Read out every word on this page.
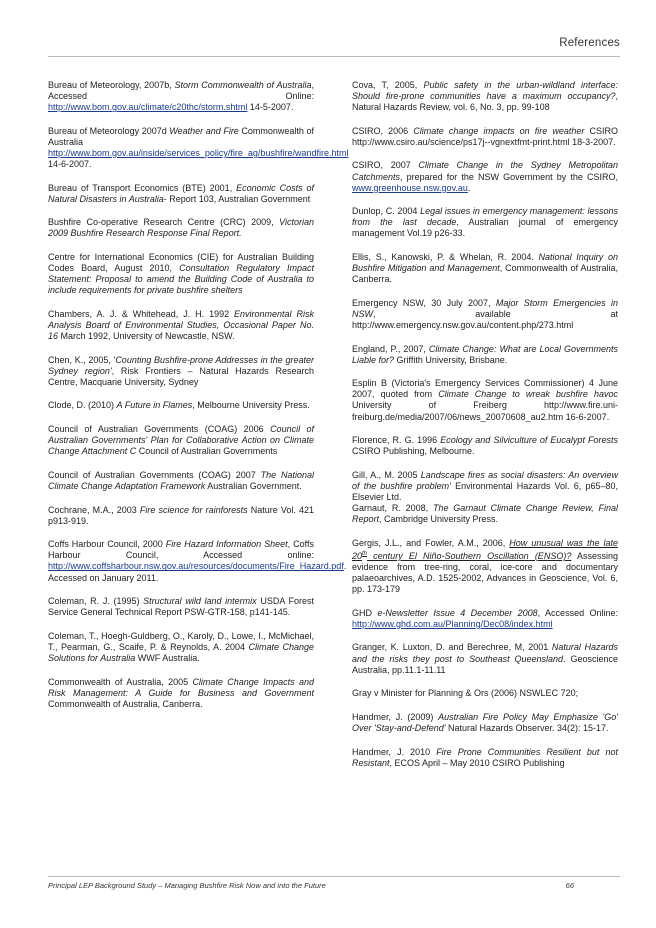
References

Bureau of Meteorology, 2007b, Storm Commonwealth of Australia, Accessed Online: http://www.bom.gov.au/climate/c20thc/storm.shtml 14-5-2007.

Bureau of Meteorology 2007d Weather and Fire Commonwealth of Australia http://www.bom.gov.au/inside/services_policy/fire_ag/bushfire/wandfire.html 14-6-2007.

Bureau of Transport Economics (BTE) 2001, Economic Costs of Natural Disasters in Australia- Report 103, Australian Government

Bushfire Co-operative Research Centre (CRC) 2009, Victorian 2009 Bushfire Research Response Final Report.

Centre for International Economics (CIE) for Australian Building Codes Board, August 2010, Consultation Regulatory Impact Statement: Proposal to amend the Building Code of Australia to include requirements for private bushfire shelters

Chambers, A. J. & Whitehead, J. H. 1992 Environmental Risk Analysis Board of Environmental Studies, Occasional Paper No. 16 March 1992, University of Newcastle, NSW.

Chen, K., 2005, 'Counting Bushfire-prone Addresses in the greater Sydney region', Risk Frontiers – Natural Hazards Research Centre, Macquarie University, Sydney

Clode, D. (2010) A Future in Flames, Melbourne University Press.

Council of Australian Governments (COAG) 2006 Council of Australian Governments' Plan for Collaborative Action on Climate Change Attachment C Council of Australian Governments

Council of Australian Governments (COAG) 2007 The National Climate Change Adaptation Framework Australian Government.

Cochrane, M.A., 2003 Fire science for rainforests Nature Vol. 421 p913-919.

Coffs Harbour Council, 2000 Fire Hazard Information Sheet, Coffs Harbour Council, Accessed online: http://www.coffsharbour.nsw.gov.au/resources/documents/Fire_Hazard.pdf. Accessed on January 2011.

Coleman, R. J. (1995) Structural wild land intermix USDA Forest Service General Technical Report PSW-GTR-158, p141-145.

Coleman, T., Hoegh-Guldberg, O., Karoly, D., Lowe, I., McMichael, T., Pearman, G., Scaife, P. & Reynolds, A. 2004 Climate Change Solutions for Australia WWF Australia.

Commonwealth of Australia, 2005 Climate Change Impacts and Risk Management: A Guide for Business and Government Commonwealth of Australia, Canberra.

Cova, T, 2005, Public safety in the urban-wildland interface: Should fire-prone communities have a maximum occupancy?, Natural Hazards Review, vol. 6, No. 3, pp. 99-108

CSIRO, 2006 Climate change impacts on fire weather CSIRO http://www.csiro.au/science/ps17j--vgnextfmt-print.html 18-3-2007.

CSIRO, 2007 Climate Change in the Sydney Metropolitan Catchments, prepared for the NSW Government by the CSIRO, www.greenhouse.nsw.gov.au.

Dunlop, C. 2004 Legal issues in emergency management: lessons from the last decade, Australian journal of emergency management Vol.19 p26-33.

Ellis, S., Kanowski, P. & Whelan, R. 2004. National Inquiry on Bushfire Mitigation and Management, Commonwealth of Australia, Canberra.

Emergency NSW, 30 July 2007, Major Storm Emergencies in NSW, available at http://www.emergency.nsw.gov.au/content.php/273.html

England, P., 2007, Climate Change: What are Local Governments Liable for? Griffith University, Brisbane.

Esplin B (Victoria's Emergency Services Commissioner) 4 June 2007, quoted from Climate Change to wreak bushfire havoc University of Freiberg http://www.fire.uni-freiburg.de/media/2007/06/news_20070608_au2.htm 16-6-2007.

Florence, R. G. 1996 Ecology and Silviculture of Eucalypt Forests CSIRO Publishing, Melbourne.

Gill, A., M. 2005 Landscape fires as social disasters: An overview of the bushfire problem' Environmental Hazards Vol. 6, p65–80, Elsevier Ltd.
Garnaut, R. 2008, The Garnaut Climate Change Review, Final Report, Cambridge University Press.

Gergis, J.L., and Fowler, A.M., 2006, How unusual was the late 20th century El Niño-Southern Oscillation (ENSO)? Assessing evidence from tree-ring, coral, ice-core and documentary palaeoarchives, A.D. 1525-2002, Advances in Geoscience, Vol. 6, pp. 173-179

GHD e-Newsletter Issue 4 December 2008, Accessed Online: http://www.ghd.com.au/Planning/Dec08/index.html

Granger, K. Luxton, D. and Berechree, M, 2001 Natural Hazards and the risks they post to Southeast Queensland. Geoscience Australia, pp.11.1-11.11

Gray v Minister for Planning & Ors (2006) NSWLEC 720;

Handmer, J. (2009) Australian Fire Policy May Emphasize 'Go' Over 'Stay-and-Defend' Natural Hazards Observer. 34(2): 15-17.

Handmer, J. 2010 Fire Prone Communities Resilient but not Resistant, ECOS April – May 2010 CSIRO Publishing

Principal LEP Background Study – Managing Bushfire Risk Now and into the Future	66
